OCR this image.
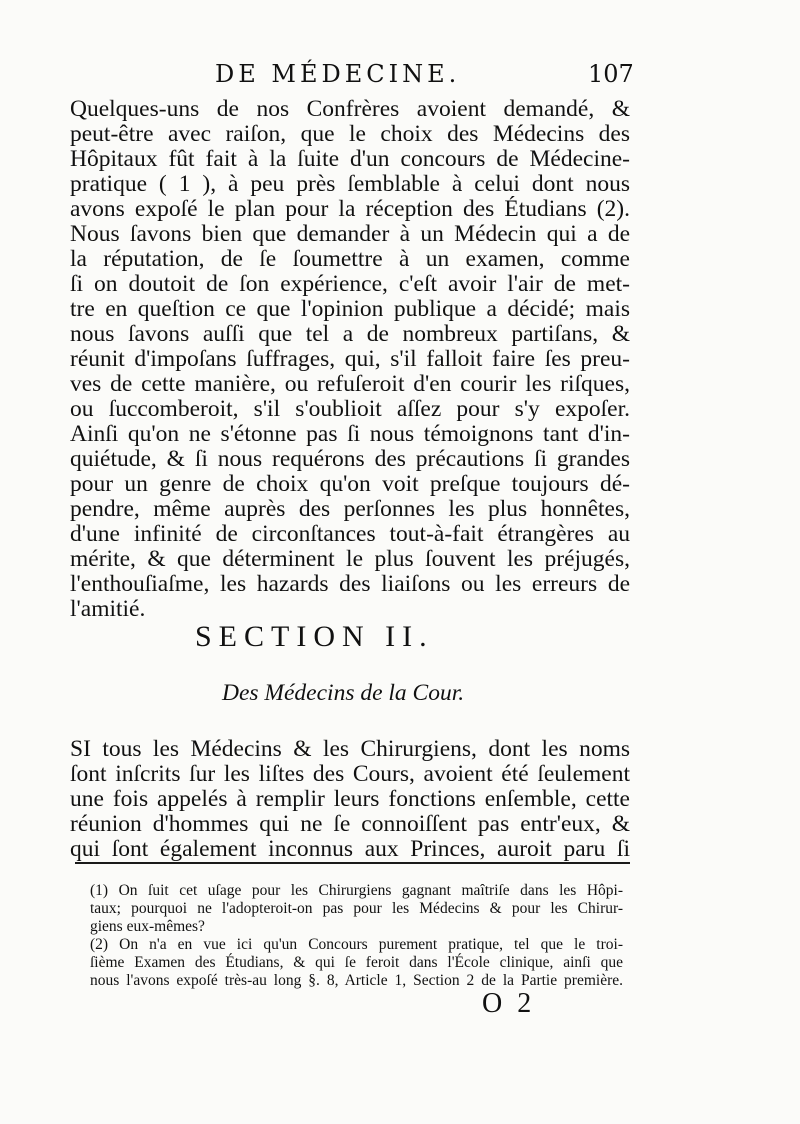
DE MÉDECINE.	107
Quelques-uns de nos Confrères avoient demandé, &
peut-être avec raiſon, que le choix des Médecins des
Hôpitaux fût fait à la ſuite d'un concours de Médecine-
pratique ( 1 ), à peu près ſemblable à celui dont nous
avons expoſé le plan pour la réception des Étudians (2).
Nous ſavons bien que demander à un Médecin qui a de
la réputation, de ſe ſoumettre à un examen, comme
ſi on doutoit de ſon expérience, c'eſt avoir l'air de met-
tre en queſtion ce que l'opinion publique a décidé; mais
nous ſavons auſſi que tel a de nombreux partiſans, &
réunit d'impoſans ſuffrages, qui, s'il falloit faire ſes preu-
ves de cette manière, ou refuſeroit d'en courir les riſques,
ou ſuccomberoit, s'il s'oublioit aſſez pour s'y expoſer.
Ainſi qu'on ne s'étonne pas ſi nous témoignons tant d'in-
quiétude, & ſi nous requérons des précautions ſi grandes
pour un genre de choix qu'on voit preſque toujours dé-
pendre, même auprès des perſonnes les plus honnêtes,
d'une infinité de circonſtances tout-à-fait étrangères au
mérite, & que déterminent le plus ſouvent les préjugés,
l'enthouſiaſme, les hazards des liaiſons ou les erreurs de
l'amitié.
SECTION II.
Des Médecins de la Cour.
SI tous les Médecins & les Chirurgiens, dont les noms
ſont inſcrits ſur les liſtes des Cours, avoient été ſeulement
une fois appelés à remplir leurs fonctions enſemble, cette
réunion d'hommes qui ne ſe connoiſſent pas entr'eux, &
qui ſont également inconnus aux Princes, auroit paru ſi
(1) On ſuit cet uſage pour les Chirurgiens gagnant maîtriſe dans les Hôpi-
taux; pourquoi ne l'adopteroit-on pas pour les Médecins & pour les Chirur-
giens eux-mêmes?
(2) On n'a en vue ici qu'un Concours purement pratique, tel que le troi-
ſième Examen des Étudians, & qui ſe feroit dans l'École clinique, ainſi que
nous l'avons expoſé très-au long §. 8, Article 1, Section 2 de la Partie première.
O 2
